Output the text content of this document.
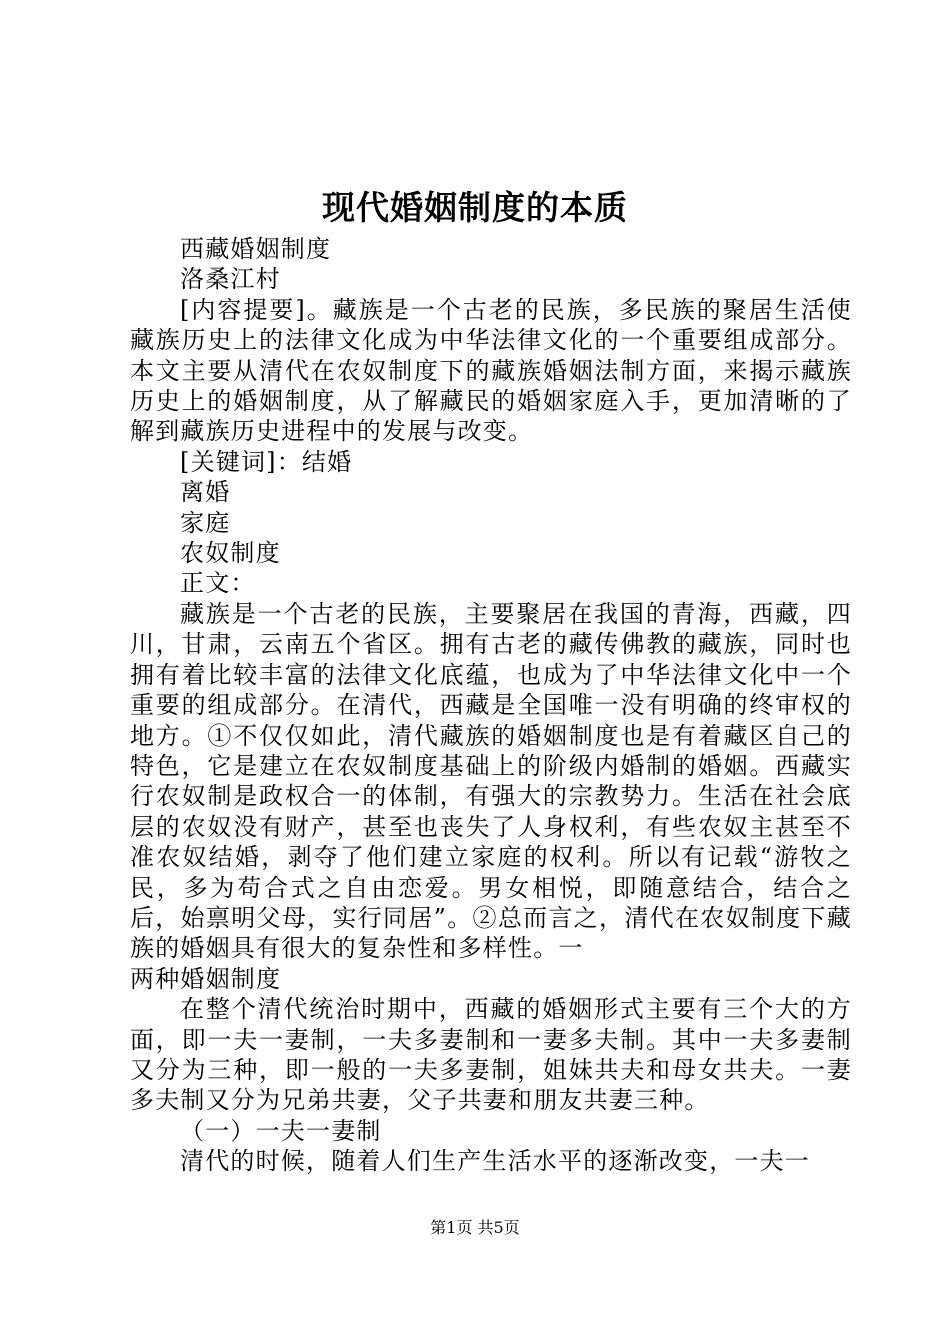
现代婚姻制度的本质

西藏婚姻制度

洛桑江村

[内容提要]。藏族是一个古老的民族，多民族的聚居生活使藏族历史上的法律文化成为中华法律文化的一个重要组成部分。本文主要从清代在农奴制度下的藏族婚姻法制方面，来揭示藏族历史上的婚姻制度，从了解藏民的婚姻家庭入手，更加清晰的了解到藏族历史进程中的发展与改变。

[关键词]：结婚

离婚

家庭

农奴制度

正文：

藏族是一个古老的民族，主要聚居在我国的青海，西藏，四川，甘肃，云南五个省区。拥有古老的藏传佛教的藏族，同时也拥有着比较丰富的法律文化底蕴，也成为了中华法律文化中一个重要的组成部分。在清代，西藏是全国唯一没有明确的终审权的地方。①不仅仅如此，清代藏族的婚姻制度也是有着藏区自己的特色，它是建立在农奴制度基础上的阶级内婚制的婚姻。西藏实行农奴制是政权合一的体制，有强大的宗教势力。生活在社会底层的农奴没有财产，甚至也丧失了人身权利，有些农奴主甚至不准农奴结婚，剥夺了他们建立家庭的权利。所以有记载“游牧之民，多为苟合式之自由恋爱。男女相悦，即随意结合，结合之后，始禀明父母，实行同居”。②总而言之，清代在农奴制度下藏族的婚姻具有很大的复杂性和多样性。一

两种婚姻制度

在整个清代统治时期中，西藏的婚姻形式主要有三个大的方面，即一夫一妻制，一夫多妻制和一妻多夫制。其中一夫多妻制又分为三种，即一般的一夫多妻制，姐妹共夫和母女共夫。一妻多夫制又分为兄弟共妻，父子共妻和朋友共妻三种。

（一）一夫一妻制

清代的时候，随着人们生产生活水平的逐渐改变，一夫一

第1页 共5页
